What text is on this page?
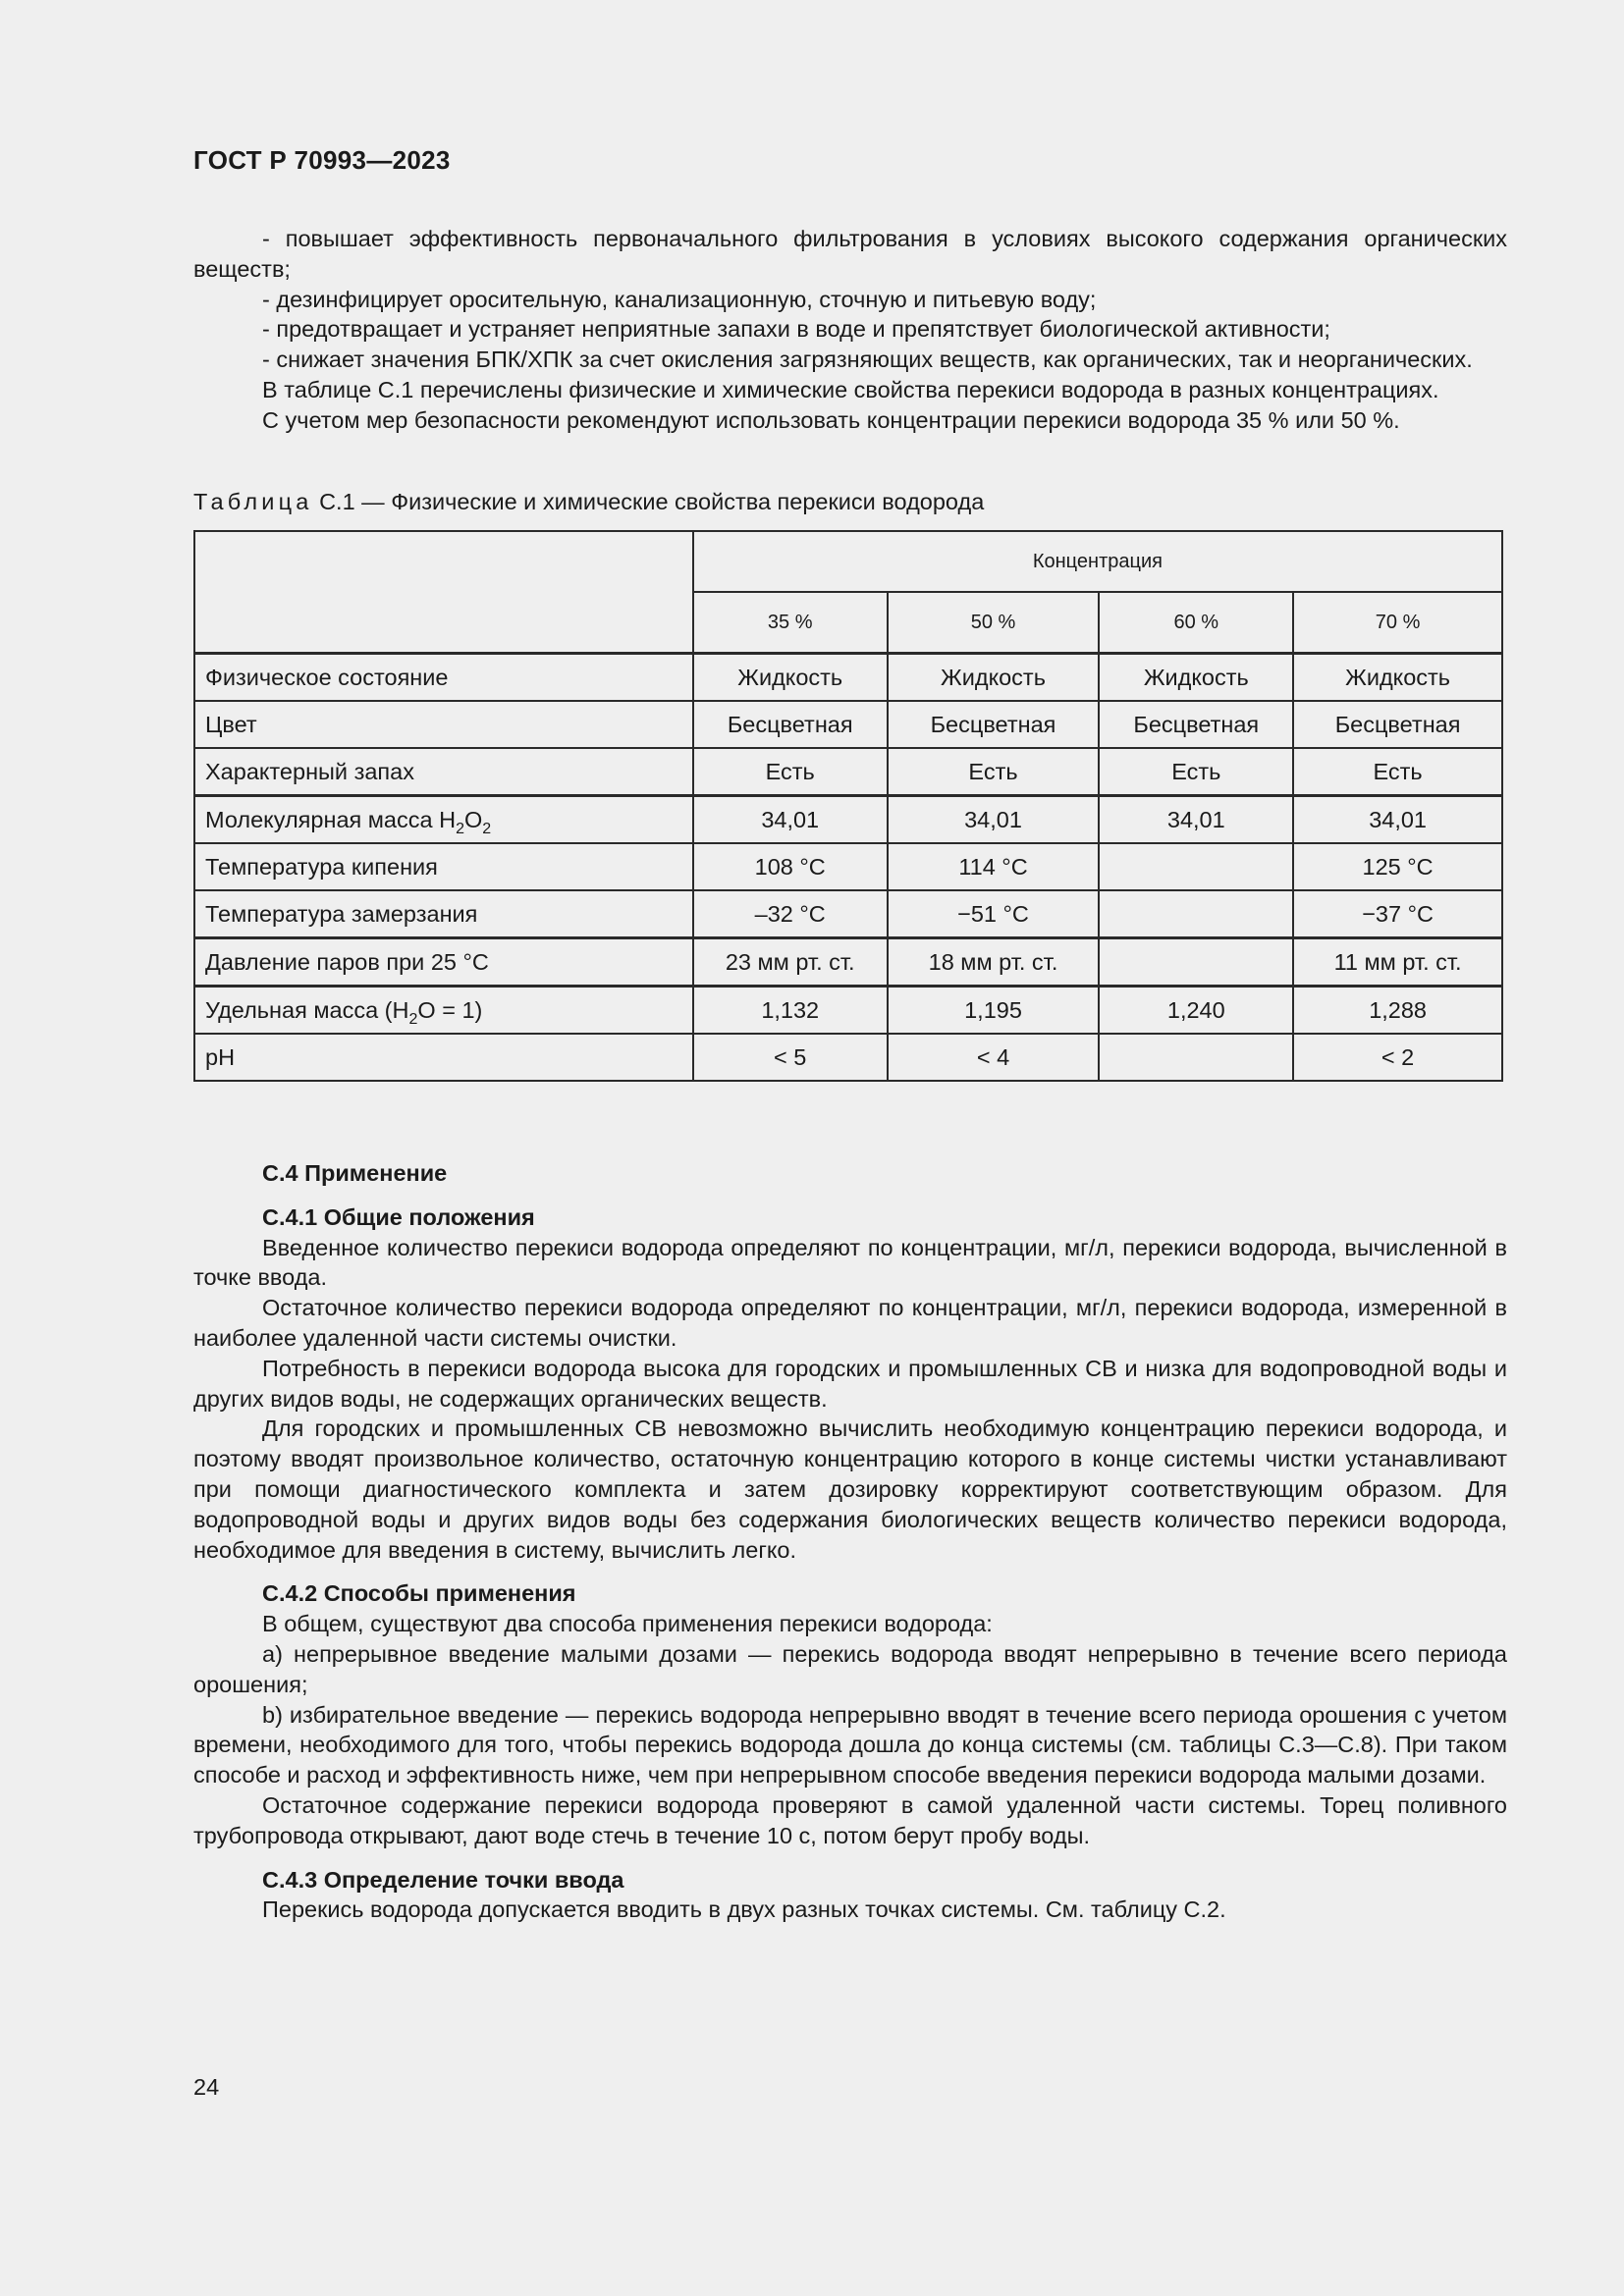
ГОСТ Р 70993—2023

- повышает эффективность первоначального фильтрования в условиях высокого содержания органических веществ;

- дезинфицирует оросительную, канализационную, сточную и питьевую воду;

- предотвращает и устраняет неприятные запахи в воде и препятствует биологической активности;

- снижает значения БПК/ХПК за счет окисления загрязняющих веществ, как органических, так и неорганических.

В таблице С.1 перечислены физические и химические свойства перекиси водорода в разных концентрациях.

С учетом мер безопасности рекомендуют использовать концентрации перекиси водорода 35 % или 50 %.

Таблица С.1 — Физические и химические свойства перекиси водорода
	Концентрация			
	35 %	50 %	60 %	70 %
Физическое состояние	Жидкость	Жидкость	Жидкость	Жидкость
Цвет	Бесцветная	Бесцветная	Бесцветная	Бесцветная
Характерный запах	Есть	Есть	Есть	Есть
Молекулярная масса $H_2O_2$	34,01	34,01	34,01	34,01
Температура кипения	108 °C	114 °C		125 °C
Температура замерзания	–32 °C	−51 °C		−37 °C
Давление паров при 25 °C	23 мм рт. ст.	18 мм рт. ст.		11 мм рт. ст.
Удельная масса $(H_2O = 1)$	1,132	1,195	1,240	1,288
pH	< 5	< 4		< 2

С.4 Применение

С.4.1 Общие положения

Введенное количество перекиси водорода определяют по концентрации, мг/л, перекиси водорода, вычисленной в точке ввода.

Остаточное количество перекиси водорода определяют по концентрации, мг/л, перекиси водорода, измеренной в наиболее удаленной части системы очистки.

Потребность в перекиси водорода высока для городских и промышленных СВ и низка для водопроводной воды и других видов воды, не содержащих органических веществ.

Для городских и промышленных СВ невозможно вычислить необходимую концентрацию перекиси водорода, и поэтому вводят произвольное количество, остаточную концентрацию которого в конце системы чистки устанавливают при помощи диагностического комплекта и затем дозировку корректируют соответствующим образом. Для водопроводной воды и других видов воды без содержания биологических веществ количество перекиси водорода, необходимое для введения в систему, вычислить легко.

С.4.2 Способы применения

В общем, существуют два способа применения перекиси водорода:

а) непрерывное введение малыми дозами — перекись водорода вводят непрерывно в течение всего периода орошения;

b) избирательное введение — перекись водорода непрерывно вводят в течение всего периода орошения с учетом времени, необходимого для того, чтобы перекись водорода дошла до конца системы (см. таблицы С.3—С.8). При таком способе и расход и эффективность ниже, чем при непрерывном способе введения перекиси водорода малыми дозами.

Остаточное содержание перекиси водорода проверяют в самой удаленной части системы. Торец поливного трубопровода открывают, дают воде стечь в течение 10 с, потом берут пробу воды.

С.4.3 Определение точки ввода

Перекись водорода допускается вводить в двух разных точках системы. См. таблицу С.2.

24
